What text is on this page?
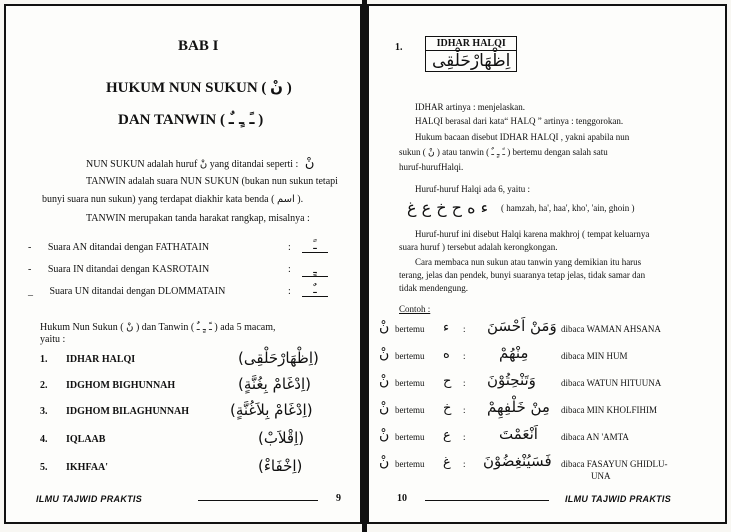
BAB I
HUKUM NUN SUKUN ( نْ )
DAN TANWIN ( ـً ـٍ ـٌ )
NUN SUKUN adalah huruf نْ yang ditandai seperti : نْ
TANWIN adalah suara NUN SUKUN (bukan nun sukun tetapi
bunyi suara nun sukun) yang terdapat diakhir kata benda ( اسم ).
TANWIN merupakan tanda harakat rangkap, misalnya :
- Suara AN ditandai dengan FATHATAIN	:	ـً
- Suara IN ditandai dengan KASROTAIN	:	ـٍ
_ Suara UN ditandai dengan DLOMMATAIN	:	ـٌ
Hukum Nun Sukun ( نْ ) dan Tanwin ( ـً ـٍ ـٌ ) ada 5 macam,
yaitu :
1. IDHAR HALQI	(اِظْهَارْحَلْقِى)
2. IDGHOM BIGHUNNAH	(اِدْغَامْ بِغُنَّةٍ)
3. IDGHOM BILAGHUNNAH	(اِدْغَامْ بِلاَغُنَّةٍ)
4. IQLAAB	(اِقْلاَبْ)
5. IKHFAA'	(اِخْفَاءْ)
ILMU TAJWID PRAKTIS	9
1.	IDHAR HALQI
اِظْهَارْحَلْقِى
IDHAR artinya : menjelaskan.
HALQI berasal dari kata“ HALQ ” artinya : tenggorokan.
Hukum bacaan disebut IDHAR HALQI , yakni apabila nun
sukun ( نْ ) atau tanwin ( ـً ـٍ ـٌ ) bertemu dengan salah satu
huruf-hurufHalqi.
Huruf-huruf Halqi ada 6, yaitu :
ء ه ح خ ع غ ( hamzah, ha', haa', kho', 'ain, ghoin )
Huruf-huruf ini disebut Halqi karena makhroj ( tempat keluarnya
suara huruf ) tersebut adalah kerongkongan.
Cara membaca nun sukun atau tanwin yang demikian itu harus
terang, jelas dan pendek, bunyi suaranya tetap jelas, tidak samar dan
tidak mendengung.
Contoh :
نْ bertemu ء : وَمَنْ اَحْسَنَ dibaca WAMAN AHSANA
نْ bertemu ه : مِنْهُمْ	dibaca MIN HUM
نْ bertemu ح : وَتَنْحِتُوْنَ	dibaca WATUN HITUUNA
نْ bertemu خ : مِنْ خَلْفِهِمْ dibaca MIN KHOLFIHIM
نْ bertemu ع : اَنْعَمْتَ	dibaca AN 'AMTA
نْ bertemu غ : فَسَيُنْغِضُوْنَ dibaca FASAYUN GHIDLU-
UNA
10	ILMU TAJWID PRAKTIS
